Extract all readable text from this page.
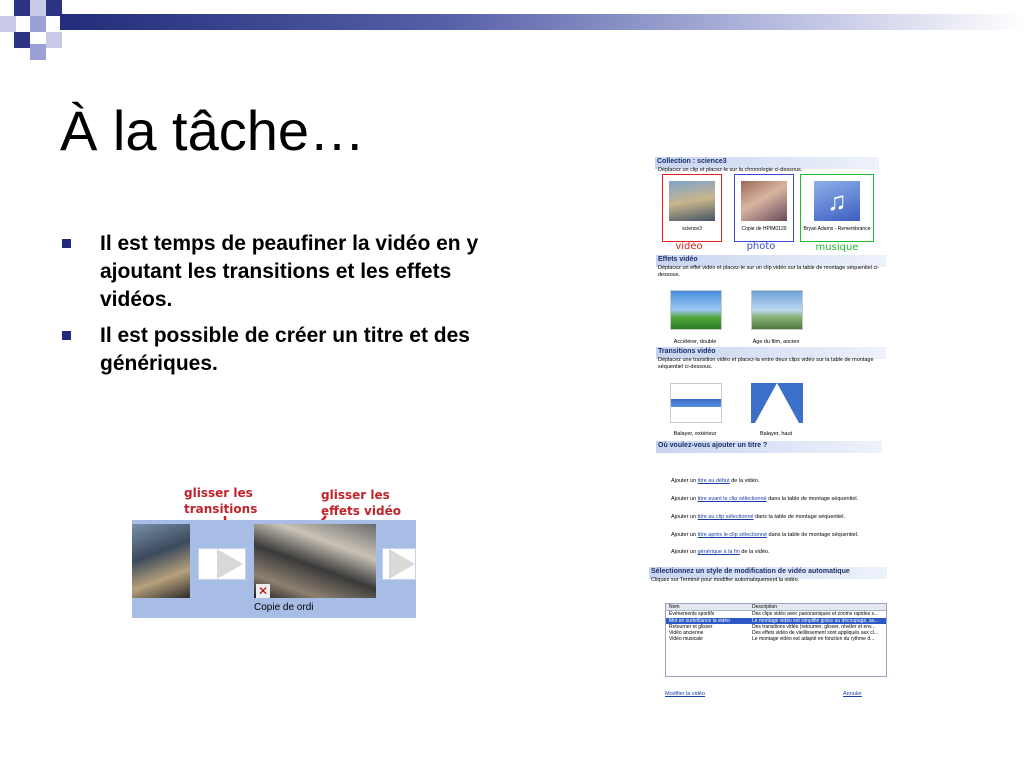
À la tâche…
Il est temps de peaufiner la vidéo en y ajoutant les transitions et les effets vidéos.
Il est possible de créer un titre et des génériques.
glisser les
transitions
glisser les
effets vidéo
✕
Copie de ordi
Collection : science3
Déplacez un clip et placez-le sur la chronologie ci-dessous.
science3	Copie de HPIM0129
♫
Bryan Adams - Remembrance
vidéo	photo	musique
Effets vidéo
Déplacez un effet vidéo et placez-le sur un clip vidéo sur la table de montage séquentiel ci-dessous.
Accélérer, double	Âge du film, ancien
Transitions vidéo
Déplacez une transition vidéo et placez-la entre deux clips vidéo sur la table de montage séquentiel ci-dessous.
Balayer, extérieur	Balayer, haut
Où voulez-vous ajouter un titre ?
Ajouter un titre au début de la vidéo.
Ajouter un titre avant le clip sélectionné dans la table de montage séquentiel.
Ajouter un titre au clip sélectionné dans la table de montage séquentiel.
Ajouter un titre après le clip sélectionné dans la table de montage séquentiel.
Ajouter un générique à la fin de la vidéo.
Sélectionnez un style de modification de vidéo automatique
Cliquez sur Terminé pour modifier automatiquement la vidéo.
Nom	Description
Événements sportifs	Des clips vidéo avec panoramiques et zooms rapides s...
Mot en surbrillance la vidéo	Le montage vidéo est simplifié grâce au découpage, au...
Retourner et glisser	Des transitions vidéo (retourner, glisser, révéler et env...
Vidéo ancienne	Des effets vidéo de vieillissement sont appliqués aux cl...
Vidéo musicale	Le montage vidéo est adapté en fonction du rythme d...
Modifier la vidéo	Annuler
